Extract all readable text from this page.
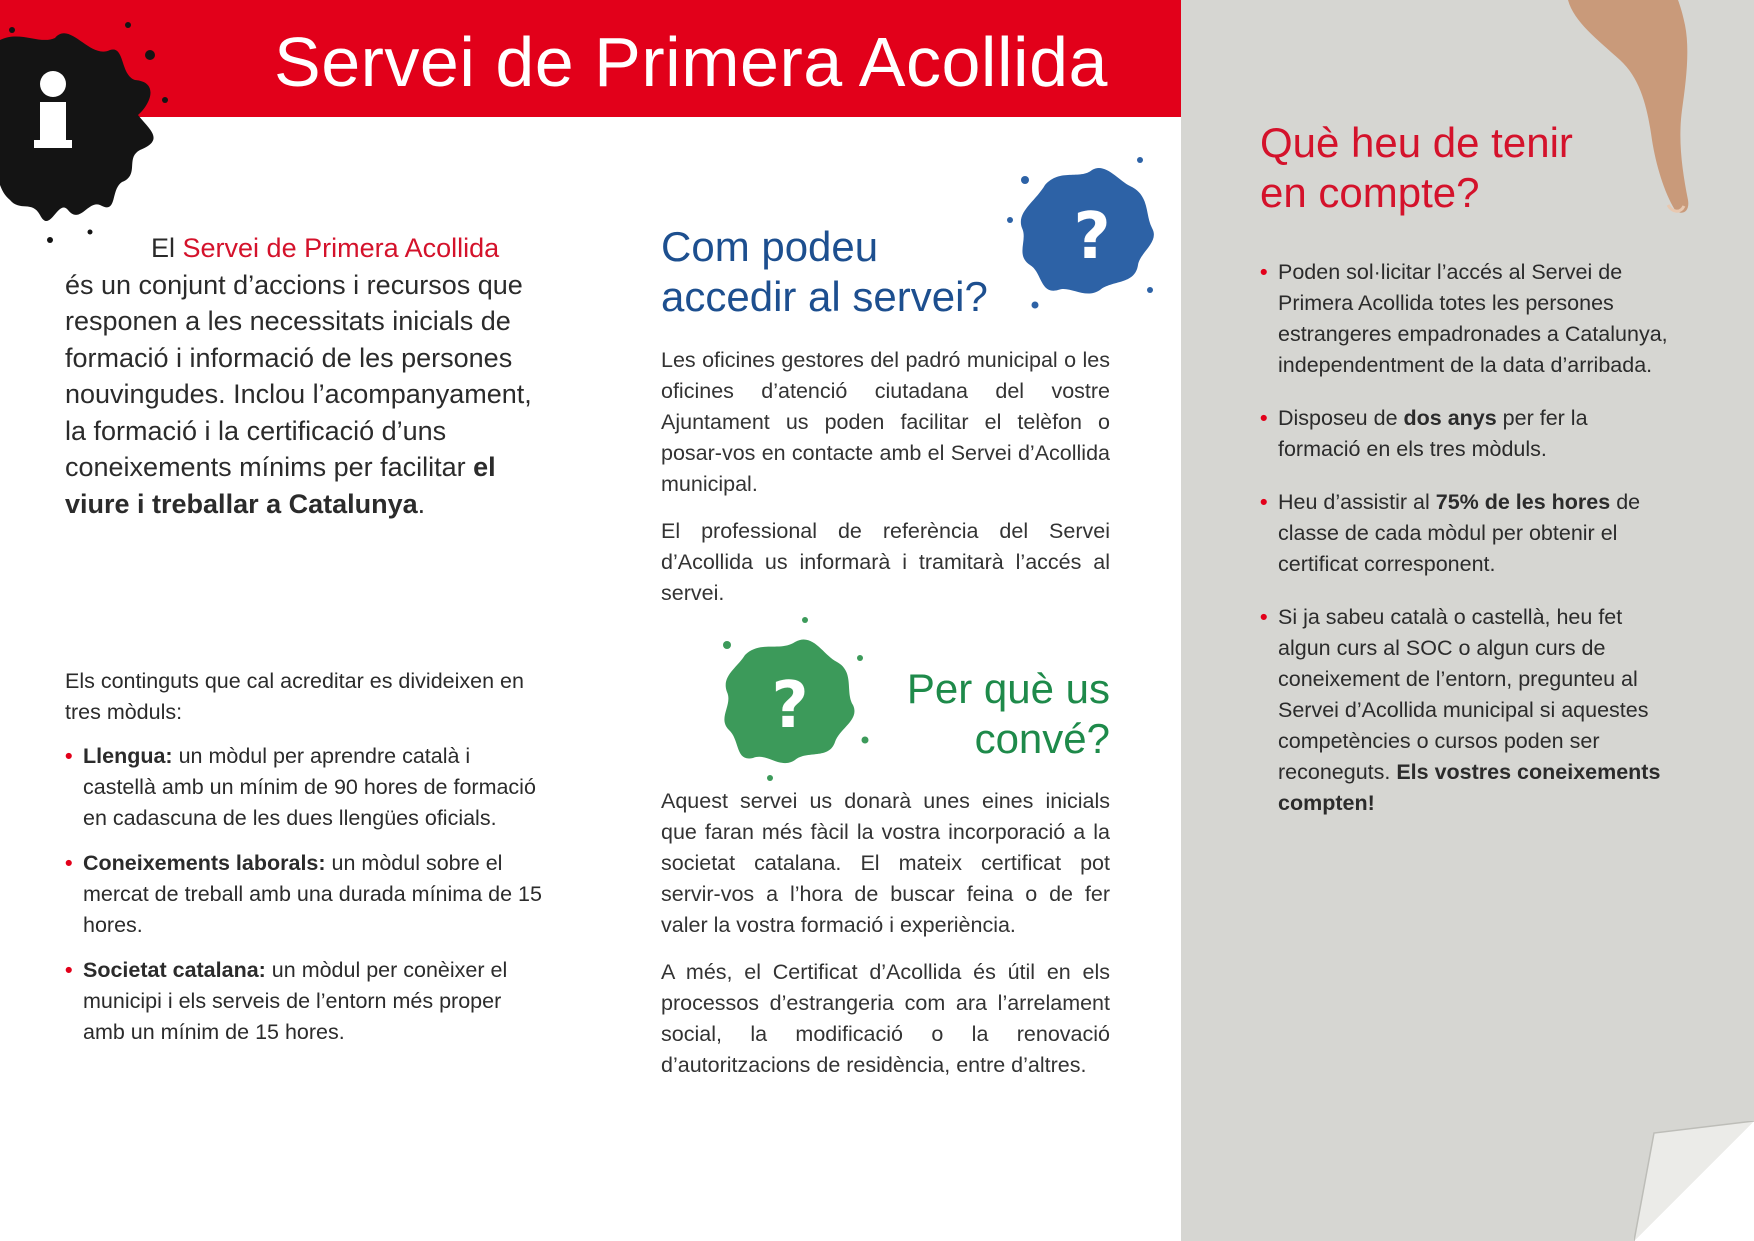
Servei de Primera Acollida
El Servei de Primera Acollida és un conjunt d’accions i recursos que responen a les necessitats inicials de formació i informació de les persones nouvingudes. Inclou l’acompanyament, la formació i la certificació d’uns coneixements mínims per facilitar el viure i treballar a Catalunya.
Els continguts que cal acreditar es divideixen en tres mòduls:
• Llengua: un mòdul per aprendre català i castellà amb un mínim de 90 hores de formació en cadascuna de les dues llengües oficials.
• Coneixements laborals: un mòdul sobre el mercat de treball amb una durada mínima de 15 hores.
• Societat catalana: un mòdul per conèixer el municipi i els serveis de l’entorn més proper amb un mínim de 15 hores.
?
Com podeu
accedir al servei?

Les oficines gestores del padró municipal o les oficines d’atenció ciutadana del vostre Ajuntament us poden facilitar el telèfon o posar-vos en contacte amb el Servei d’Acollida municipal.

El professional de referència del Servei d’Acollida us informarà i tramitarà l’accés al servei.

?	Per què us
convé?

Aquest servei us donarà unes eines inicials que faran més fàcil la vostra incorporació a la societat catalana. El mateix certificat pot servir-vos a l’hora de buscar feina o de fer valer la vostra formació i experiència.

A més, el Certificat d’Acollida és útil en els processos d’estrangeria com ara l’arrelament social, la modificació o la renovació d’autoritzacions de residència, entre d’altres.

Què heu de tenir
en compte?
• Poden sol·licitar l’accés al Servei de Primera Acollida totes les persones estrangeres empadronades a Catalunya, independentment de la data d’arribada.
• Disposeu de dos anys per fer la formació en els tres mòduls.
• Heu d’assistir al 75% de les hores de classe de cada mòdul per obtenir el certificat corresponent.
• Si ja sabeu català o castellà, heu fet algun curs al SOC o algun curs de coneixement de l’entorn, pregunteu al Servei d’Acollida municipal si aquestes competències o cursos poden ser reconeguts. Els vostres coneixements compten!
